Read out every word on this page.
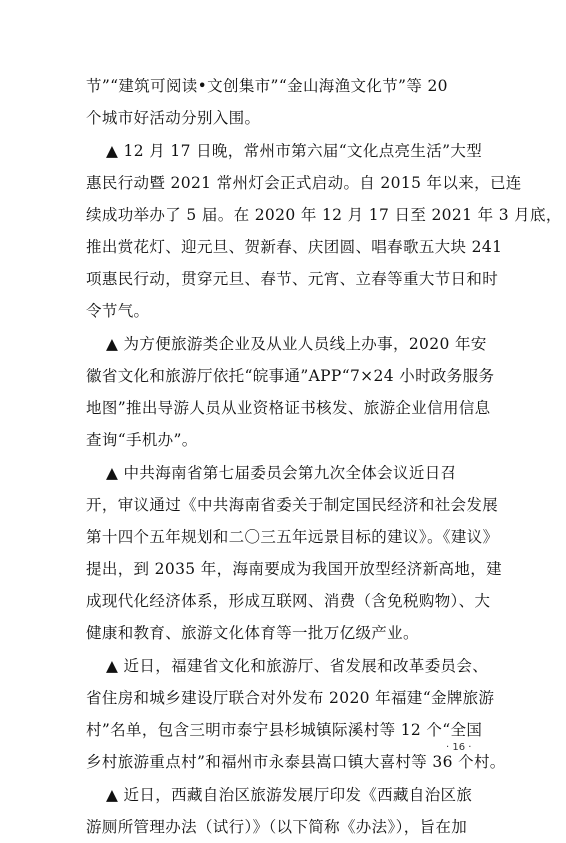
节”“建筑可阅读•文创集市”“金山海渔文化节”等 20
个城市好活动分别入围。
▲ 12 月 17 日晚，常州市第六届“文化点亮生活”大型
惠民行动暨 2021 常州灯会正式启动。自 2015 年以来，已连
续成功举办了 5 届。在 2020 年 12 月 17 日至 2021 年 3 月底，
推出赏花灯、迎元旦、贺新春、庆团圆、唱春歌五大块 241
项惠民行动，贯穿元旦、春节、元宵、立春等重大节日和时
令节气。
▲ 为方便旅游类企业及从业人员线上办事，2020 年安
徽省文化和旅游厅依托“皖事通”APP“7×24 小时政务服务
地图”推出导游人员从业资格证书核发、旅游企业信用信息
查询“手机办”。
▲ 中共海南省第七届委员会第九次全体会议近日召
开，审议通过《中共海南省委关于制定国民经济和社会发展
第十四个五年规划和二〇三五年远景目标的建议》。《建议》
提出，到 2035 年，海南要成为我国开放型经济新高地，建
成现代化经济体系，形成互联网、消费（含免税购物）、大
健康和教育、旅游文化体育等一批万亿级产业。
▲ 近日，福建省文化和旅游厅、省发展和改革委员会、
省住房和城乡建设厅联合对外发布 2020 年福建“金牌旅游
村”名单，包含三明市泰宁县杉城镇际溪村等 12 个“全国
乡村旅游重点村”和福州市永泰县嵩口镇大喜村等 36 个村。
▲ 近日，西藏自治区旅游发展厅印发《西藏自治区旅
游厕所管理办法（试行）》（以下简称《办法》），旨在加
· 16 ·
